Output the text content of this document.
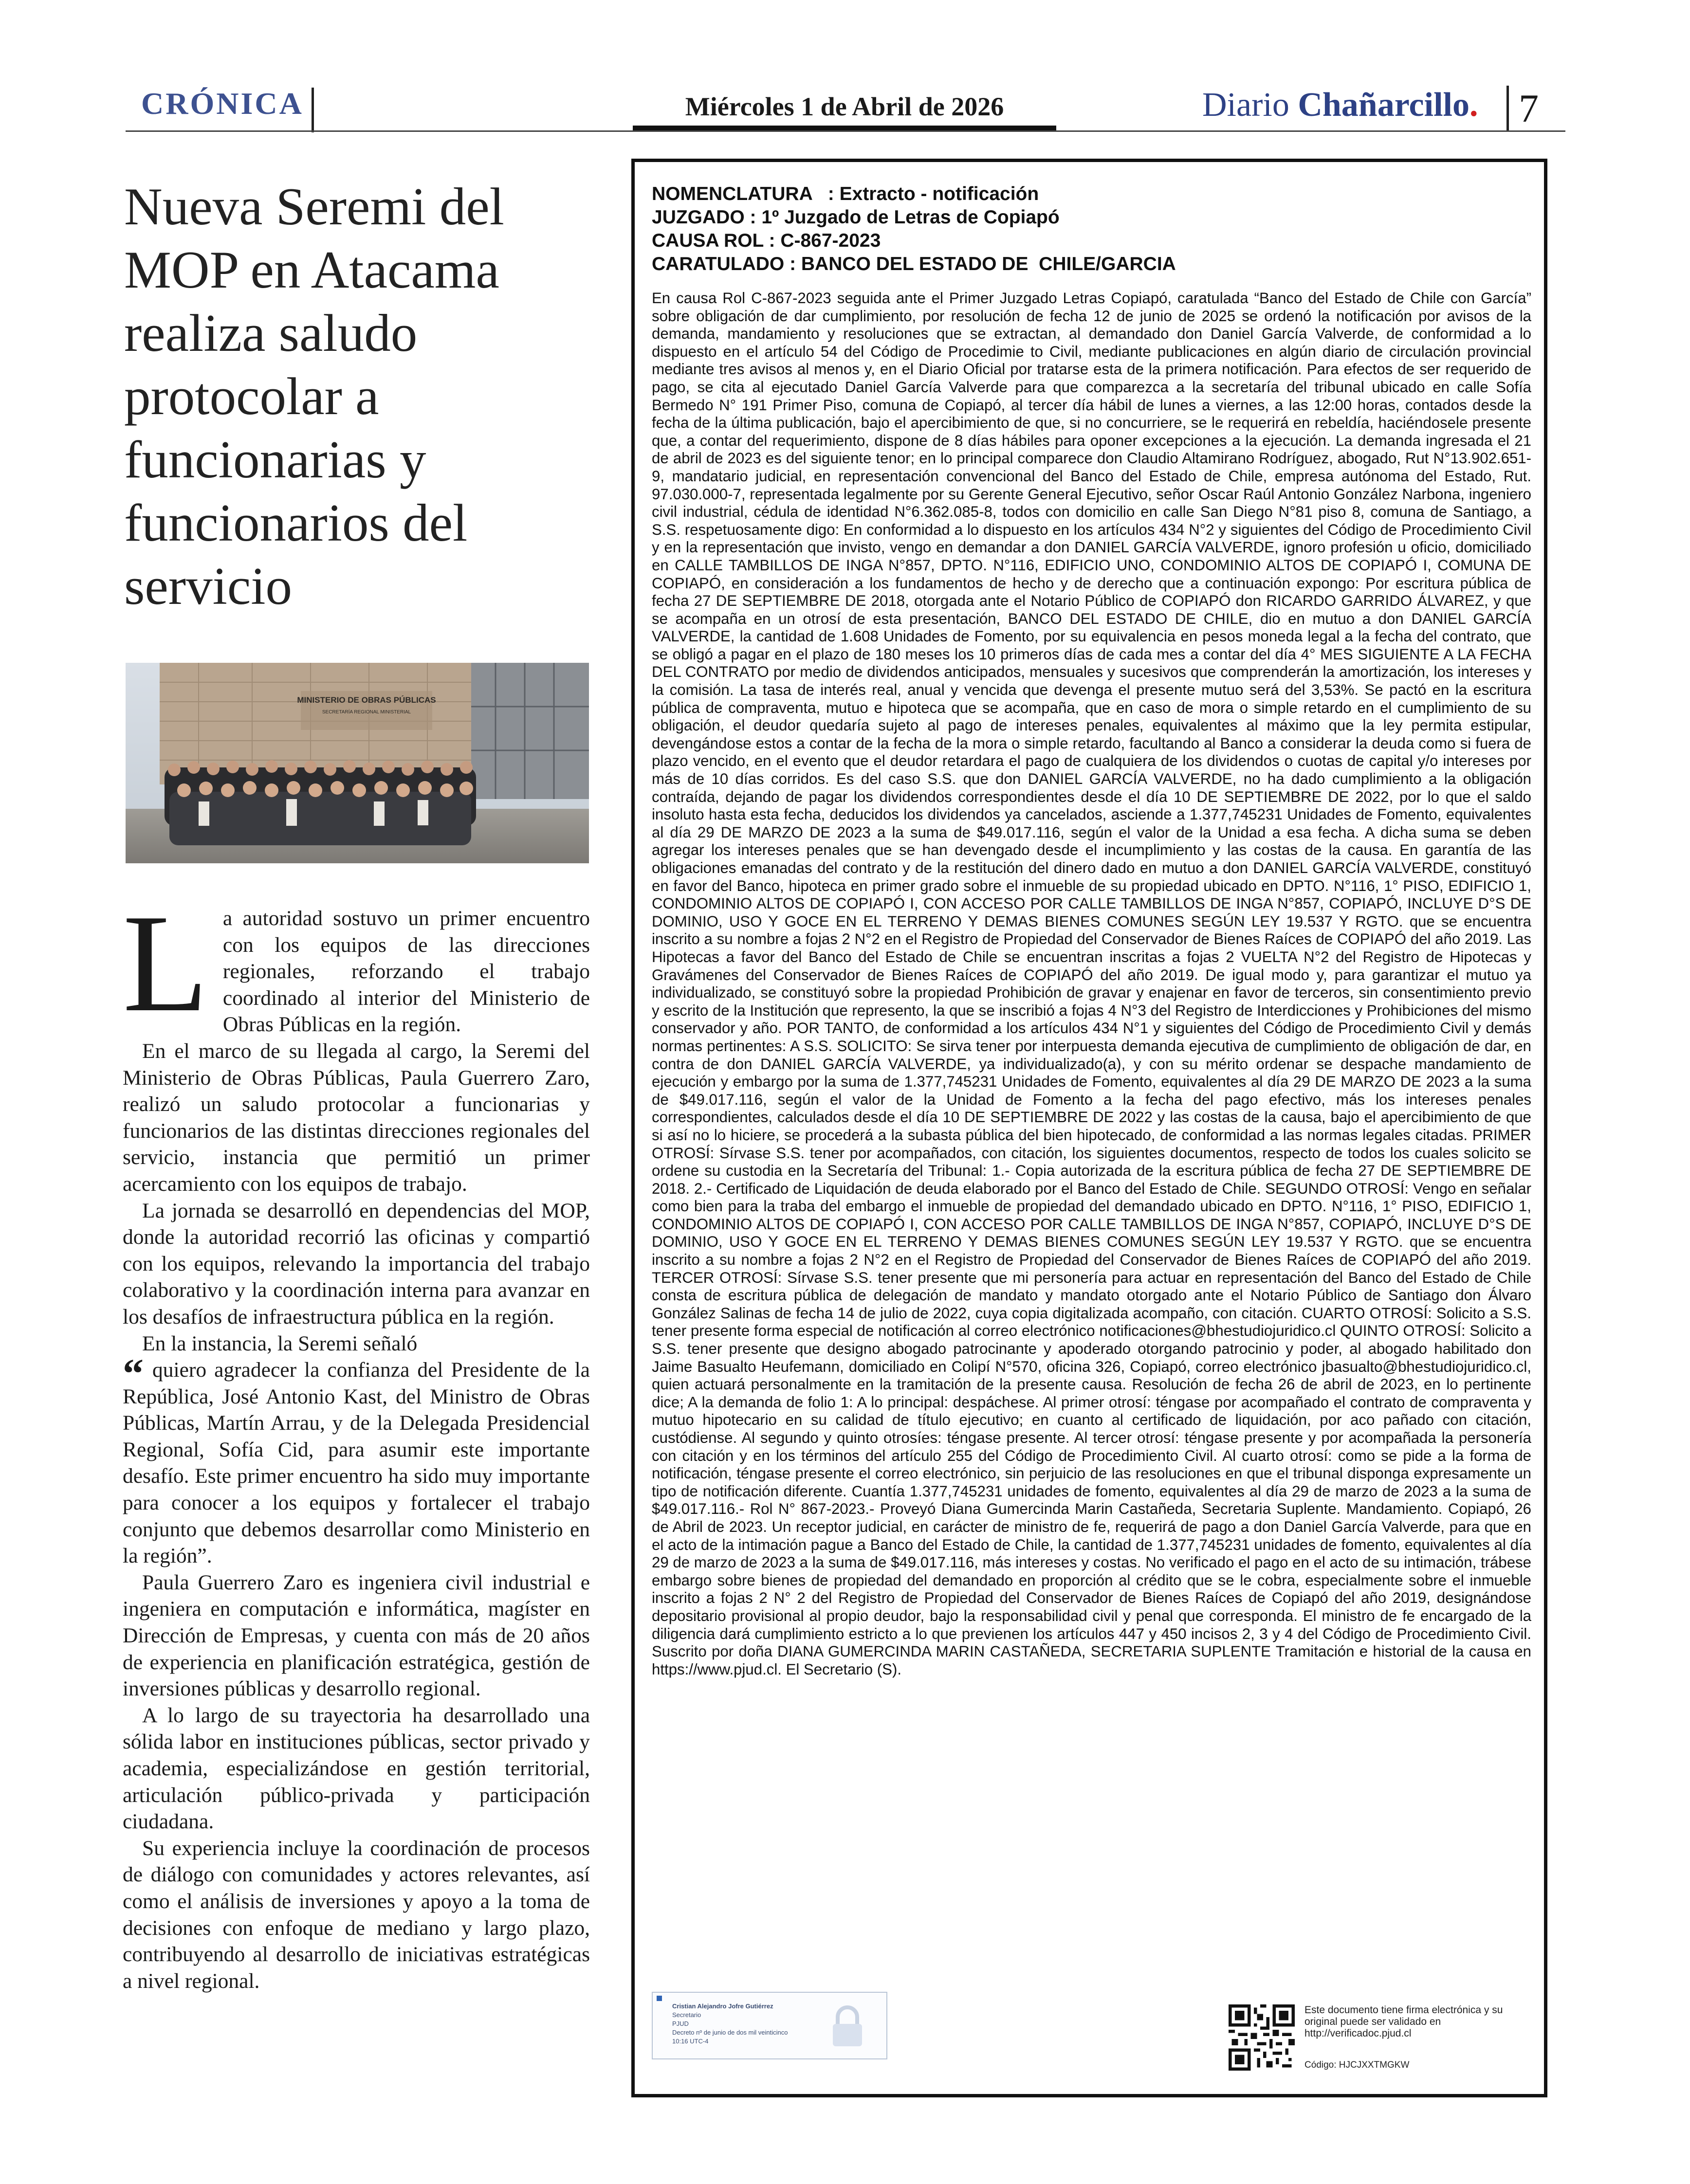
CRÓNICA	Miércoles 1 de Abril de 2026	Diario Chañarcillo. 7
Nueva Seremi del MOP en Atacama realiza saludo protocolar a funcionarias y funcionarios del servicio
MINISTERIO DE OBRAS PÚBLICAS
SECRETARÍA REGIONAL MINISTERIAL

La autoridad sostuvo un primer encuentro con los equipos de las direcciones regionales, reforzando el trabajo coordinado al interior del Ministerio de Obras Públicas en la región.

En el marco de su llegada al cargo, la Seremi del Ministerio de Obras Públicas, Paula Guerrero Zaro, realizó un saludo protocolar a funcionarias y funcionarios de las distintas direcciones regionales del servicio, instancia que permitió un primer acercamiento con los equipos de trabajo.

La jornada se desarrolló en dependencias del MOP, donde la autoridad recorrió las oficinas y compartió con los equipos, relevando la importancia del trabajo colaborativo y la coordinación interna para avanzar en los desafíos de infraestructura pública en la región.

En la instancia, la Seremi señaló

“ quiero agradecer la confianza del Presidente de la República, José Antonio Kast, del Ministro de Obras Públicas, Martín Arrau, y de la Delegada Presidencial Regional, Sofía Cid, para asumir este importante desafío. Este primer encuentro ha sido muy importante para conocer a los equipos y fortalecer el trabajo conjunto que debemos desarrollar como Ministerio en la región”.

Paula Guerrero Zaro es ingeniera civil industrial e ingeniera en computación e informática, magíster en Dirección de Empresas, y cuenta con más de 20 años de experiencia en planificación estratégica, gestión de inversiones públicas y desarrollo regional.

A lo largo de su trayectoria ha desarrollado una sólida labor en instituciones públicas, sector privado y academia, especializándose en gestión territorial, articulación público-privada y participación ciudadana.

Su experiencia incluye la coordinación de procesos de diálogo con comunidades y actores relevantes, así como el análisis de inversiones y apoyo a la toma de decisiones con enfoque de mediano y largo plazo, contribuyendo al desarrollo de iniciativas estratégicas a nivel regional.

NOMENCLATURA   : Extracto - notificación
JUZGADO : 1º Juzgado de Letras de Copiapó
CAUSA ROL : C-867-2023
CARATULADO : BANCO DEL ESTADO DE  CHILE/GARCIA

En causa Rol C-867-2023 seguida ante el Primer Juzgado Letras Copiapó, caratulada “Banco del Estado de Chile con García” sobre obligación de dar cumplimiento, por resolución de fecha 12 de junio de 2025 se ordenó la notificación por avisos de la demanda, mandamiento y resoluciones que se extractan, al demandado don Daniel García Valverde, de conformidad a lo dispuesto en el artículo 54 del Código de Procedimie to Civil, mediante publicaciones en algún diario de circulación provincial mediante tres avisos al menos y, en el Diario Oficial por tratarse esta de la primera notificación. Para efectos de ser requerido de pago, se cita al ejecutado Daniel García Valverde para que comparezca a la secretaría del tribunal ubicado en calle Sofía Bermedo N° 191 Primer Piso, comuna de Copiapó, al tercer día hábil de lunes a viernes, a las 12:00 horas, contados desde la fecha de la última publicación, bajo el apercibimiento de que, si no concurriere, se le requerirá en rebeldía, haciéndosele presente que, a contar del requerimiento, dispone de 8 días hábiles para oponer excepciones a la ejecución. La demanda ingresada el 21 de abril de 2023 es del siguiente tenor; en lo principal comparece don Claudio Altamirano Rodríguez, abogado, Rut N°13.902.651-9, mandatario judicial, en representación convencional del Banco del Estado de Chile, empresa autónoma del Estado, Rut. 97.030.000-7, representada legalmente por su Gerente General Ejecutivo, señor Oscar Raúl Antonio González Narbona, ingeniero civil industrial, cédula de identidad N°6.362.085-8, todos con domicilio en calle San Diego N°81 piso 8, comuna de Santiago, a S.S. respetuosamente digo: En conformidad a lo dispuesto en los artículos 434 N°2 y siguientes del Código de Procedimiento Civil y en la representación que invisto, vengo en demandar a don DANIEL GARCÍA VALVERDE, ignoro profesión u oficio, domiciliado en CALLE TAMBILLOS DE INGA N°857, DPTO. N°116, EDIFICIO UNO, CONDOMINIO ALTOS DE COPIAPÓ I, COMUNA DE COPIAPÓ, en consideración a los fundamentos de hecho y de derecho que a continuación expongo: Por escritura pública de fecha 27 DE SEPTIEMBRE DE 2018, otorgada ante el Notario Público de COPIAPÓ don RICARDO GARRIDO ÁLVAREZ, y que se acompaña en un otrosí de esta presentación, BANCO DEL ESTADO DE CHILE, dio en mutuo a don DANIEL GARCÍA VALVERDE, la cantidad de 1.608 Unidades de Fomento, por su equivalencia en pesos moneda legal a la fecha del contrato, que se obligó a pagar en el plazo de 180 meses los 10 primeros días de cada mes a contar del día 4° MES SIGUIENTE A LA FECHA DEL CONTRATO por medio de dividendos anticipados, mensuales y sucesivos que comprenderán la amortización, los intereses y la comisión. La tasa de interés real, anual y vencida que devenga el presente mutuo será del 3,53%. Se pactó en la escritura pública de compraventa, mutuo e hipoteca que se acompaña, que en caso de mora o simple retardo en el cumplimiento de su obligación, el deudor quedaría sujeto al pago de intereses penales, equivalentes al máximo que la ley permita estipular, devengándose estos a contar de la fecha de la mora o simple retardo, facultando al Banco a considerar la deuda como si fuera de plazo vencido, en el evento que el deudor retardara el pago de cualquiera de los dividendos o cuotas de capital y/o intereses por más de 10 días corridos. Es del caso S.S. que don DANIEL GARCÍA VALVERDE, no ha dado cumplimiento a la obligación contraída, dejando de pagar los dividendos correspondientes desde el día 10 DE SEPTIEMBRE DE 2022, por lo que el saldo insoluto hasta esta fecha, deducidos los dividendos ya cancelados, asciende a 1.377,745231 Unidades de Fomento, equivalentes al día 29 DE MARZO DE 2023 a la suma de $49.017.116, según el valor de la Unidad a esa fecha. A dicha suma se deben agregar los intereses penales que se han devengado desde el incumplimiento y las costas de la causa. En garantía de las obligaciones emanadas del contrato y de la restitución del dinero dado en mutuo a don DANIEL GARCÍA VALVERDE, constituyó en favor del Banco, hipoteca en primer grado sobre el inmueble de su propiedad ubicado en DPTO. N°116, 1° PISO, EDIFICIO 1, CONDOMINIO ALTOS DE COPIAPÓ I, CON ACCESO POR CALLE TAMBILLOS DE INGA N°857, COPIAPÓ, INCLUYE D°S DE DOMINIO, USO Y GOCE EN EL TERRENO Y DEMAS BIENES COMUNES SEGÚN LEY 19.537 Y RGTO. que se encuentra inscrito a su nombre a fojas 2 N°2 en el Registro de Propiedad del Conservador de Bienes Raíces de COPIAPÓ del año 2019. Las Hipotecas a favor del Banco del Estado de Chile se encuentran inscritas a fojas 2 VUELTA N°2 del Registro de Hipotecas y Gravámenes del Conservador de Bienes Raíces de COPIAPÓ del año 2019. De igual modo y, para garantizar el mutuo ya individualizado, se constituyó sobre la propiedad Prohibición de gravar y enajenar en favor de terceros, sin consentimiento previo y escrito de la Institución que represento, la que se inscribió a fojas 4 N°3 del Registro de Interdicciones y Prohibiciones del mismo conservador y año. POR TANTO, de conformidad a los artículos 434 N°1 y siguientes del Código de Procedimiento Civil y demás normas pertinentes: A S.S. SOLICITO: Se sirva tener por interpuesta demanda ejecutiva de cumplimiento de obligación de dar, en contra de don DANIEL GARCÍA VALVERDE, ya individualizado(a), y con su mérito ordenar se despache mandamiento de ejecución y embargo por la suma de 1.377,745231 Unidades de Fomento, equivalentes al día 29 DE MARZO DE 2023 a la suma de $49.017.116, según el valor de la Unidad de Fomento a la fecha del pago efectivo, más los intereses penales correspondientes, calculados desde el día 10 DE SEPTIEMBRE DE 2022 y las costas de la causa, bajo el apercibimiento de que si así no lo hiciere, se procederá a la subasta pública del bien hipotecado, de conformidad a las normas legales citadas. PRIMER OTROSÍ: Sírvase S.S. tener por acompañados, con citación, los siguientes documentos, respecto de todos los cuales solicito se ordene su custodia en la Secretaría del Tribunal: 1.- Copia autorizada de la escritura pública de fecha 27 DE SEPTIEMBRE DE 2018. 2.- Certificado de Liquidación de deuda elaborado por el Banco del Estado de Chile. SEGUNDO OTROSÍ: Vengo en señalar como bien para la traba del embargo el inmueble de propiedad del demandado ubicado en DPTO. N°116, 1° PISO, EDIFICIO 1, CONDOMINIO ALTOS DE COPIAPÓ I, CON ACCESO POR CALLE TAMBILLOS DE INGA N°857, COPIAPÓ, INCLUYE D°S DE DOMINIO, USO Y GOCE EN EL TERRENO Y DEMAS BIENES COMUNES SEGÚN LEY 19.537 Y RGTO. que se encuentra inscrito a su nombre a fojas 2 N°2 en el Registro de Propiedad del Conservador de Bienes Raíces de COPIAPÓ del año 2019. TERCER OTROSÍ: Sírvase S.S. tener presente que mi personería para actuar en representación del Banco del Estado de Chile consta de escritura pública de delegación de mandato y mandato otorgado ante el Notario Público de Santiago don Álvaro González Salinas de fecha 14 de julio de 2022, cuya copia digitalizada acompaño, con citación. CUARTO OTROSÍ: Solicito a S.S. tener presente forma especial de notificación al correo electrónico notificaciones@bhestudiojuridico.cl QUINTO OTROSÍ: Solicito a S.S. tener presente que designo abogado patrocinante y apoderado otorgando patrocinio y poder, al abogado habilitado don Jaime Basualto Heufemann, domiciliado en Colipí N°570, oficina 326, Copiapó, correo electrónico jbasualto@bhestudiojuridico.cl, quien actuará personalmente en la tramitación de la presente causa. Resolución de fecha 26 de abril de 2023, en lo pertinente dice; A la demanda de folio 1: A lo principal: despáchese. Al primer otrosí: téngase por acompañado el contrato de compraventa y mutuo hipotecario en su calidad de título ejecutivo; en cuanto al certificado de liquidación, por aco pañado con citación, custódiense. Al segundo y quinto otrosíes: téngase presente. Al tercer otrosí: téngase presente y por acompañada la personería con citación y en los términos del artículo 255 del Código de Procedimiento Civil. Al cuarto otrosí: como se pide a la forma de notificación, téngase presente el correo electrónico, sin perjuicio de las resoluciones en que el tribunal disponga expresamente un tipo de notificación diferente. Cuantía 1.377,745231 unidades de fomento, equivalentes al día 29 de marzo de 2023 a la suma de $49.017.116.- Rol N° 867-2023.- Proveyó Diana Gumercinda Marin Castañeda, Secretaria Suplente. Mandamiento. Copiapó, 26 de Abril de 2023. Un receptor judicial, en carácter de ministro de fe, requerirá de pago a don Daniel García Valverde, para que en el acto de la intimación pague a Banco del Estado de Chile, la cantidad de 1.377,745231 unidades de fomento, equivalentes al día 29 de marzo de 2023 a la suma de $49.017.116, más intereses y costas. No verificado el pago en el acto de su intimación, trábese embargo sobre bienes de propiedad del demandado en proporción al crédito que se le cobra, especialmente sobre el inmueble inscrito a fojas 2 N° 2 del Registro de Propiedad del Conservador de Bienes Raíces de Copiapó del año 2019, designándose depositario provisional al propio deudor, bajo la responsabilidad civil y penal que corresponda. El ministro de fe encargado de la diligencia dará cumplimiento estricto a lo que previenen los artículos 447 y 450 incisos 2, 3 y 4 del Código de Procedimiento Civil. Suscrito por doña DIANA GUMERCINDA MARIN CASTAÑEDA, SECRETARIA SUPLENTE Tramitación e historial de la causa en https://www.pjud.cl. El Secretario (S).

Cristian Alejandro Jofre Gutiérrez
Secretario
PJUD
Decreto nº de junio de dos mil veinticinco
10:16 UTC-4
Este documento tiene firma electrónica y su original puede ser validado en http://verificadoc.pjud.cl
Código: HJCJXXTMGKW
